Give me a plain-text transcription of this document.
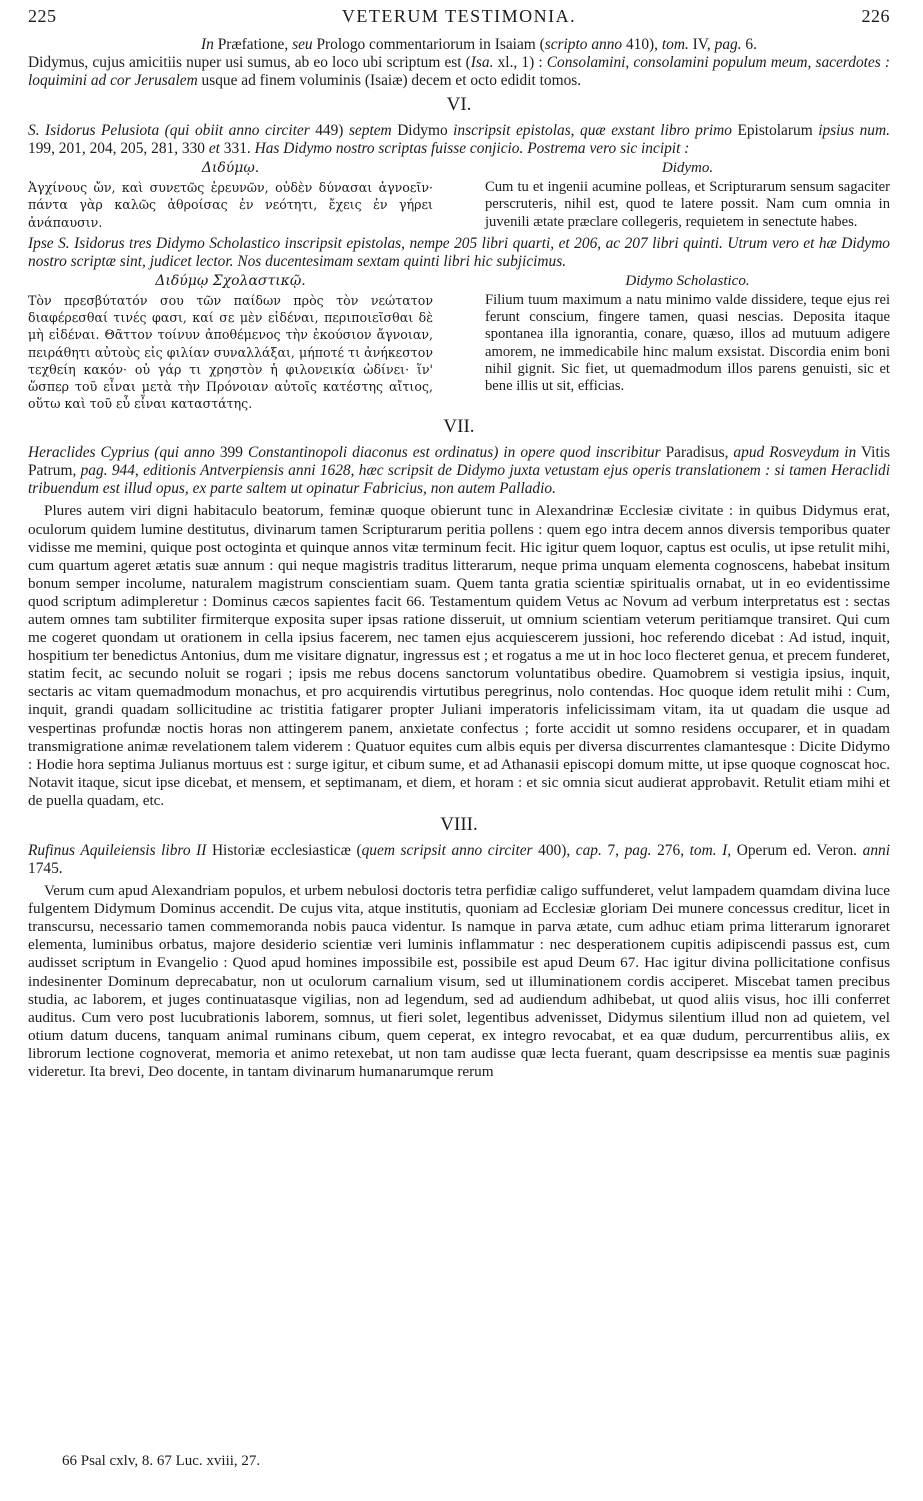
225	VETERUM TESTIMONIA.	226

In Præfatione, seu Prologo commentariorum in Isaiam (scripto anno 410), tom. IV, pag. 6.

Didymus, cujus amicitiis nuper usi sumus, ab eo loco ubi scriptum est (Isa. xl., 1) : Consolamini, consolamini populum meum, sacerdotes : loquimini ad cor Jerusalem usque ad finem voluminis (Isaiæ) decem et octo edidit tomos.

VI.

S. Isidorus Pelusiota (qui obiit anno circiter 449) septem Didymo inscripsit epistolas, quæ exstant libro primo Epistolarum ipsius num. 199, 201, 204, 205, 281, 330 et 331. Has Didymo nostro scriptas fuisse conjicio. Postrema vero sic incipit :

Διδύμῳ.
Ἀγχίνους ὤν, καὶ συνετῶς ἐρευνῶν, οὐδὲν δύνασαι ἀγνοεῖν· πάντα γὰρ καλῶς ἀθροίσας ἐν νεότητι, ἔχεις ἐν γήρει ἀνάπαυσιν.
Didymo.
Cum tu et ingenii acumine polleas, et Scripturarum sensum sagaciter perscruteris, nihil est, quod te latere possit. Nam cum omnia in juvenili ætate præclare collegeris, requietem in senectute habes.

Ipse S. Isidorus tres Didymo Scholastico inscripsit epistolas, nempe 205 libri quarti, et 206, ac 207 libri quinti. Utrum vero et hæ Didymo nostro scriptæ sint, judicet lector. Nos ducentesimam sextam quinti libri hic subjicimus.

Διδύμῳ Σχολαστικῷ.
Τὸν πρεσβύτατόν σου τῶν παίδων πρὸς τὸν νεώτατον διαφέρεσθαί τινές φασι, καί σε μὲν εἰδέναι, περιποιεῖσθαι δὲ μὴ εἰδέναι. Θᾶττον τοίνυν ἀποθέμενος τὴν ἑκούσιον ἄγνοιαν, πειράθητι αὐτοὺς εἰς φιλίαν συναλλάξαι, μήποτέ τι ἀνήκεστον τεχθείη κακόν· οὐ γάρ τι χρηστὸν ἡ φιλονεικία ὠδίνει· ἵν' ὥσπερ τοῦ εἶναι μετὰ τὴν Πρόνοιαν αὐτοῖς κατέστης αἴτιος, οὕτω καὶ τοῦ εὖ εἶναι καταστάτης.
Didymo Scholastico.
Filium tuum maximum a natu minimo valde dissidere, teque ejus rei ferunt conscium, fingere tamen, quasi nescias. Deposita itaque spontanea illa ignorantia, conare, quæso, illos ad mutuum adigere amorem, ne immedicabile hinc malum exsistat. Discordia enim boni nihil gignit. Sic fiet, ut quemadmodum illos parens genuisti, sic et bene illis ut sit, efficias.
VII.

Heraclides Cyprius (qui anno 399 Constantinopoli diaconus est ordinatus) in opere quod inscribitur Paradisus, apud Rosveydum in Vitis Patrum, pag. 944, editionis Antverpiensis anni 1628, hæc scripsit de Didymo juxta vetustam ejus operis translationem : si tamen Heraclidi tribuendum est illud opus, ex parte saltem ut opinatur Fabricius, non autem Palladio.

Plures autem viri digni habitaculo beatorum, feminæ quoque obierunt tunc in Alexandrinæ Ecclesiæ civitate : in quibus Didymus erat, oculorum quidem lumine destitutus, divinarum tamen Scripturarum peritia pollens : quem ego intra decem annos diversis temporibus quater vidisse me memini, quique post octoginta et quinque annos vitæ terminum fecit. Hic igitur quem loquor, captus est oculis, ut ipse retulit mihi, cum quartum ageret ætatis suæ annum : qui neque magistris traditus litterarum, neque prima unquam elementa cognoscens, habebat insitum bonum semper incolume, naturalem magistrum conscientiam suam. Quem tanta gratia scientiæ spiritualis ornabat, ut in eo evidentissime quod scriptum adimpleretur : Dominus cæcos sapientes facit 66. Testamentum quidem Vetus ac Novum ad verbum interpretatus est : sectas autem omnes tam subtiliter firmiterque exposita super ipsas ratione disseruit, ut omnium scientiam veterum peritiamque transiret. Qui cum me cogeret quondam ut orationem in cella ipsius facerem, nec tamen ejus acquiescerem jussioni, hoc referendo dicebat : Ad istud, inquit, hospitium ter benedictus Antonius, dum me visitare dignatur, ingressus est ; et rogatus a me ut in hoc loco flecteret genua, et precem funderet, statim fecit, ac secundo noluit se rogari ; ipsis me rebus docens sanctorum voluntatibus obedire. Quamobrem si vestigia ipsius, inquit, sectaris ac vitam quemadmodum monachus, et pro acquirendis virtutibus peregrinus, nolo contendas. Hoc quoque idem retulit mihi : Cum, inquit, grandi quadam sollicitudine ac tristitia fatigarer propter Juliani imperatoris infelicissimam vitam, ita ut quadam die usque ad vespertinas profundæ noctis horas non attingerem panem, anxietate confectus ; forte accidit ut somno residens occuparer, et in quadam transmigratione animæ revelationem talem viderem : Quatuor equites cum albis equis per diversa discurrentes clamantesque : Dicite Didymo : Hodie hora septima Julianus mortuus est : surge igitur, et cibum sume, et ad Athanasii episcopi domum mitte, ut ipse quoque cognoscat hoc. Notavit itaque, sicut ipse dicebat, et mensem, et septimanam, et diem, et horam : et sic omnia sicut audierat approbavit. Retulit etiam mihi et de puella quadam, etc.

VIII.

Rufinus Aquileiensis libro II Historiæ ecclesiasticæ (quem scripsit anno circiter 400), cap. 7, pag. 276, tom. I, Operum ed. Veron. anni 1745.

Verum cum apud Alexandriam populos, et urbem nebulosi doctoris tetra perfidiæ caligo suffunderet, velut lampadem quamdam divina luce fulgentem Didymum Dominus accendit. De cujus vita, atque institutis, quoniam ad Ecclesiæ gloriam Dei munere concessus creditur, licet in transcursu, necessario tamen commemoranda nobis pauca videntur. Is namque in parva ætate, cum adhuc etiam prima litterarum ignoraret elementa, luminibus orbatus, majore desiderio scientiæ veri luminis inflammatur : nec desperationem cupitis adipiscendi passus est, cum audisset scriptum in Evangelio : Quod apud homines impossibile est, possibile est apud Deum 67. Hac igitur divina pollicitatione confisus indesinenter Dominum deprecabatur, non ut oculorum carnalium visum, sed ut illuminationem cordis acciperet. Miscebat tamen precibus studia, ac laborem, et juges continuatasque vigilias, non ad legendum, sed ad audiendum adhibebat, ut quod aliis visus, hoc illi conferret auditus. Cum vero post lucubrationis laborem, somnus, ut fieri solet, legentibus advenisset, Didymus silentium illud non ad quietem, vel otium datum ducens, tanquam animal ruminans cibum, quem ceperat, ex integro revocabat, et ea quæ dudum, percurrentibus aliis, ex librorum lectione cognoverat, memoria et animo retexebat, ut non tam audisse quæ lecta fuerant, quam descripsisse ea mentis suæ paginis videretur. Ita brevi, Deo docente, in tantam divinarum humanarumque rerum

66 Psal cxlv, 8. 67 Luc. xviii, 27.
